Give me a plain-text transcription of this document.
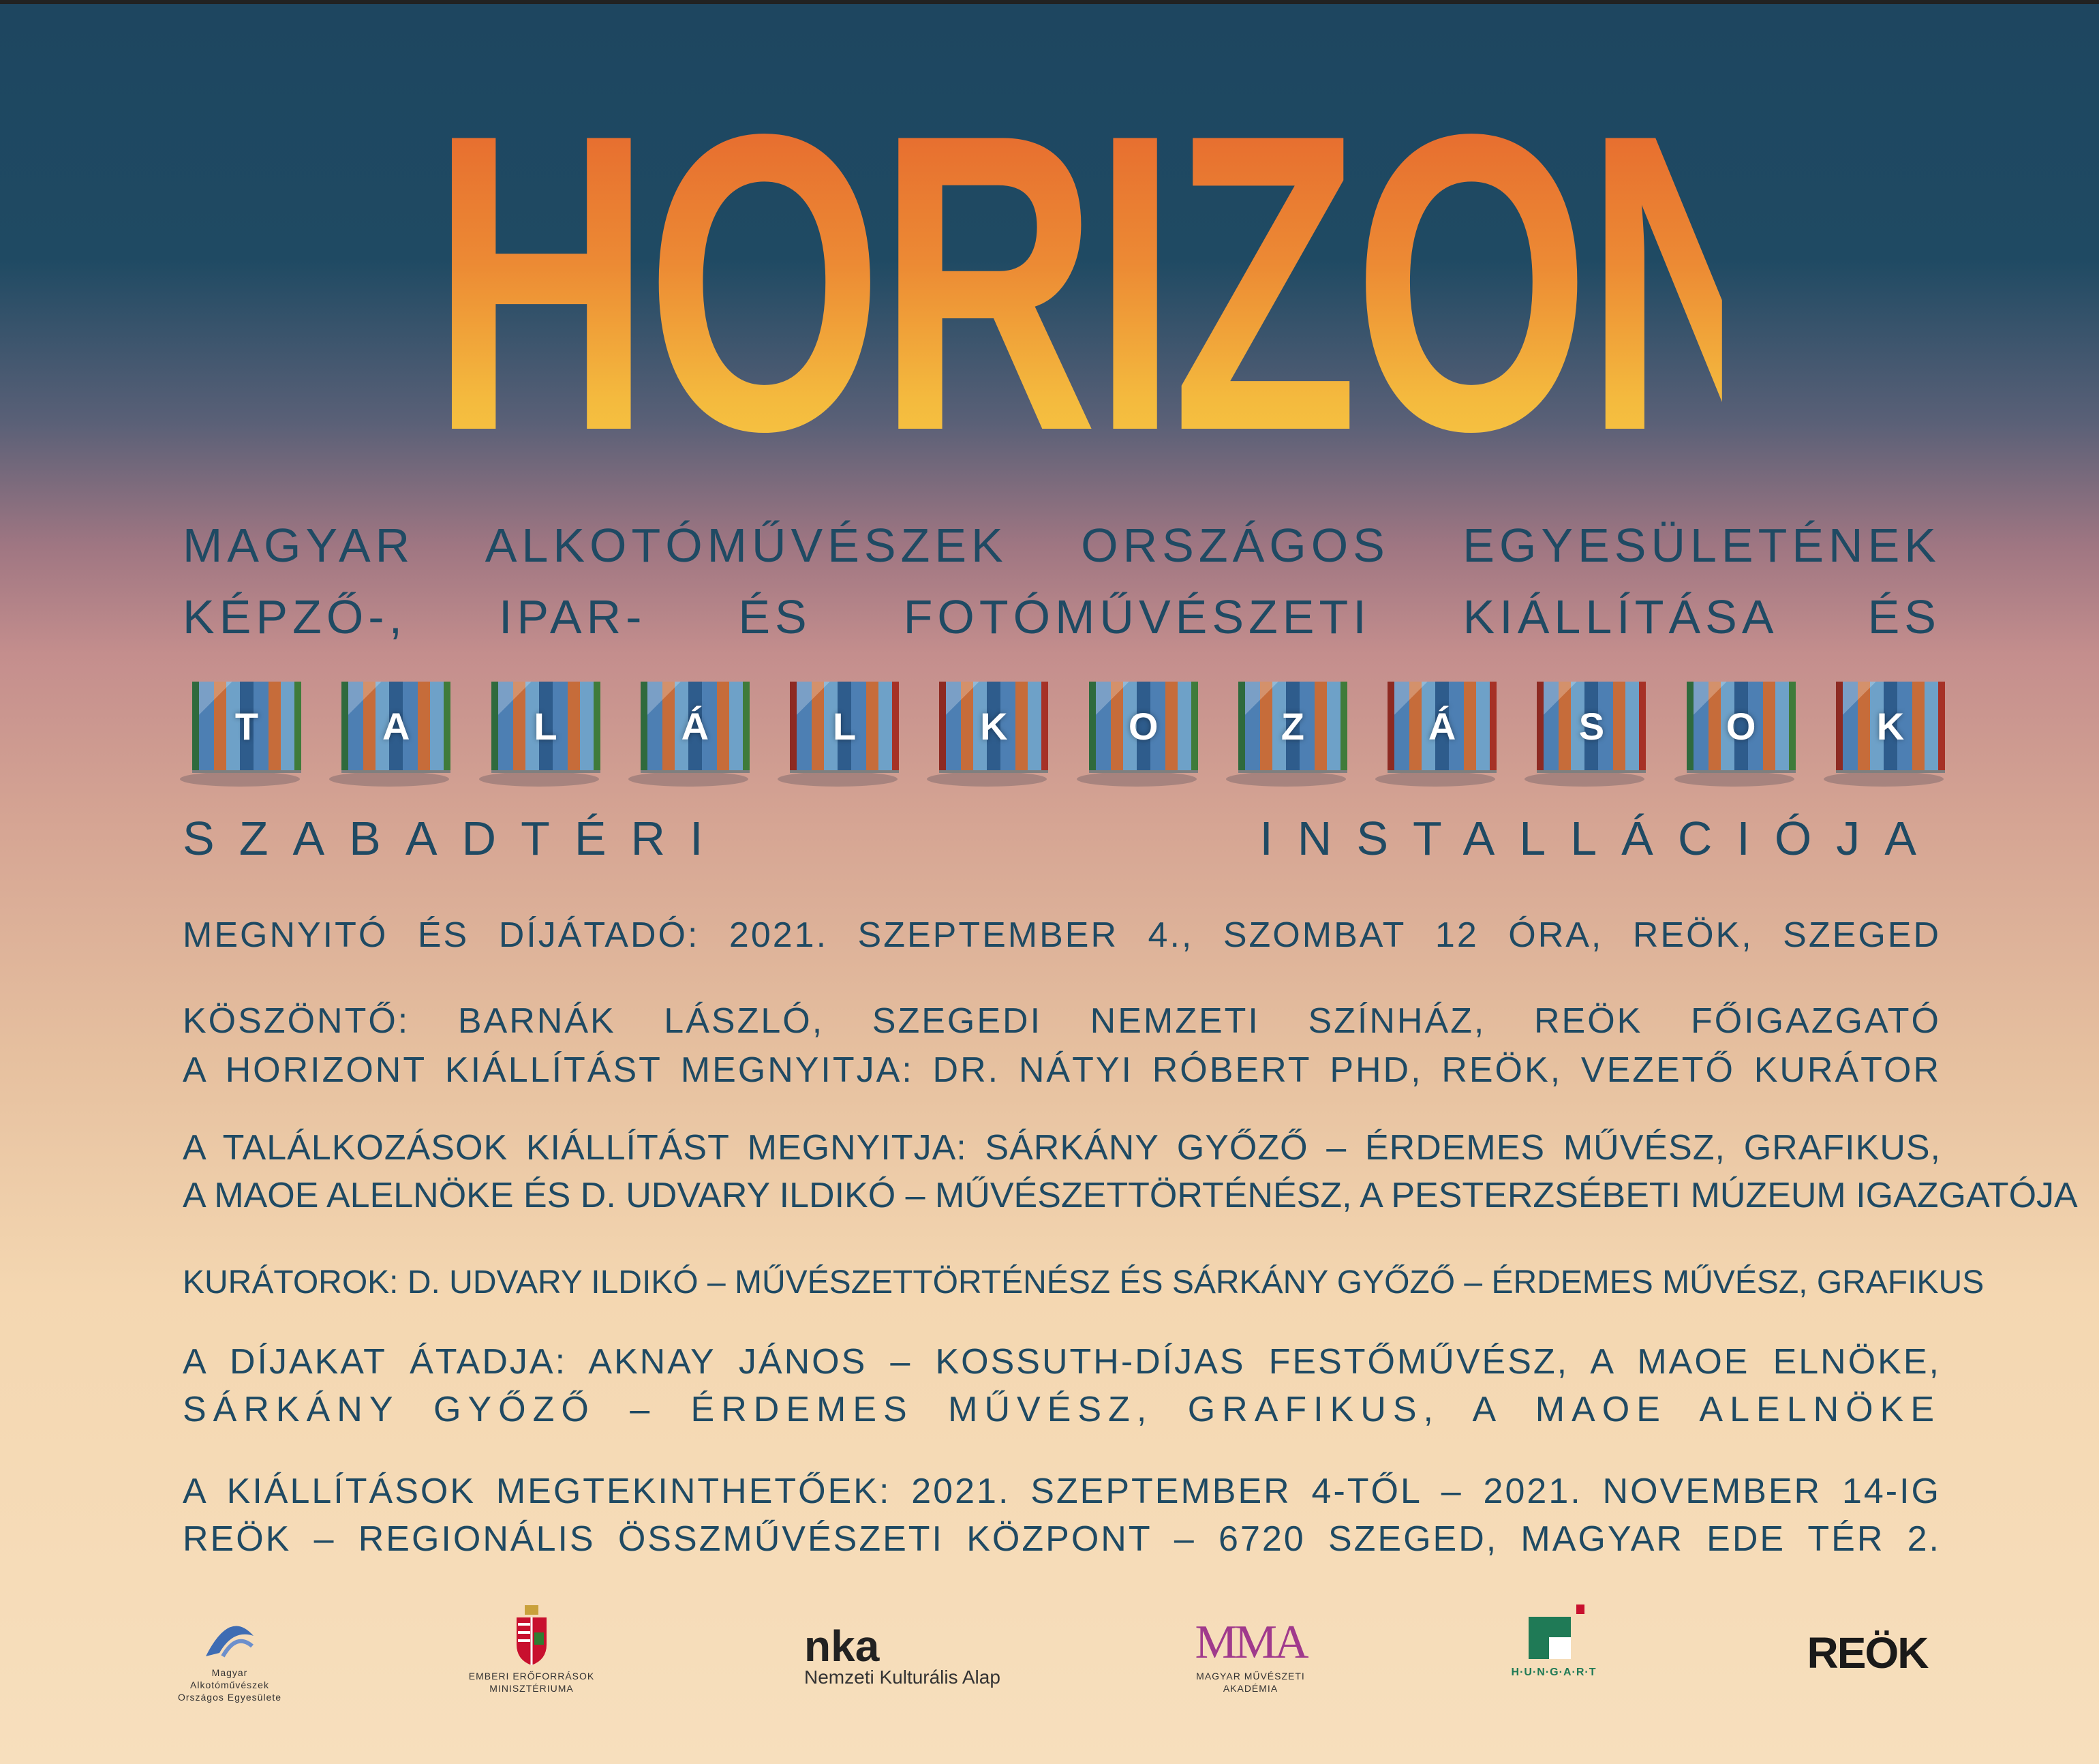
HORIZONT

MAGYAR ALKOTÓMŰVÉSZEK ORSZÁGOS EGYESÜLETÉNEK

KÉPZŐ-, IPAR- ÉS FOTÓMŰVÉSZETI KIÁLLÍTÁSA ÉS

T	A	L	Á	L	K	O	Z	Á	S	O	K

SZABADTÉRI INSTALLÁCIÓJA

MEGNYITÓ ÉS DÍJÁTADÓ: 2021. SZEPTEMBER 4., SZOMBAT 12 ÓRA, REÖK, SZEGED

KÖSZÖNTŐ: BARNÁK LÁSZLÓ, SZEGEDI NEMZETI SZÍNHÁZ, REÖK FŐIGAZGATÓ

A HORIZONT KIÁLLÍTÁST MEGNYITJA: DR. NÁTYI RÓBERT PHD, REÖK, VEZETŐ KURÁTOR

A TALÁLKOZÁSOK KIÁLLÍTÁST MEGNYITJA: SÁRKÁNY GYŐZŐ – ÉRDEMES MŰVÉSZ, GRAFIKUS,

A MAOE ALELNÖKE ÉS D. UDVARY ILDIKÓ – MŰVÉSZETTÖRTÉNÉSZ, A PESTERZSÉBETI MÚZEUM IGAZGATÓJA

KURÁTOROK: D. UDVARY ILDIKÓ – MŰVÉSZETTÖRTÉNÉSZ ÉS SÁRKÁNY GYŐZŐ – ÉRDEMES MŰVÉSZ, GRAFIKUS

A DÍJAKAT ÁTADJA: AKNAY JÁNOS – KOSSUTH-DÍJAS FESTŐMŰVÉSZ, A MAOE ELNÖKE,

SÁRKÁNY GYŐZŐ – ÉRDEMES MŰVÉSZ, GRAFIKUS, A MAOE ALELNÖKE

A KIÁLLÍTÁSOK MEGTEKINTHETŐEK: 2021. SZEPTEMBER 4-TŐL – 2021. NOVEMBER 14-IG

REÖK – REGIONÁLIS ÖSSZMŰVÉSZETI KÖZPONT – 6720 SZEGED, MAGYAR EDE TÉR 2.

Magyar Alkotóművészek
Országos Egyesülete
EMBERI ERŐFORRÁSOK
MINISZTÉRIUMA
nka
Nemzeti Kulturális Alap
MMA
MAGYAR MŰVÉSZETI
AKADÉMIA
H·U·N·G·A·R·T	REÖK
